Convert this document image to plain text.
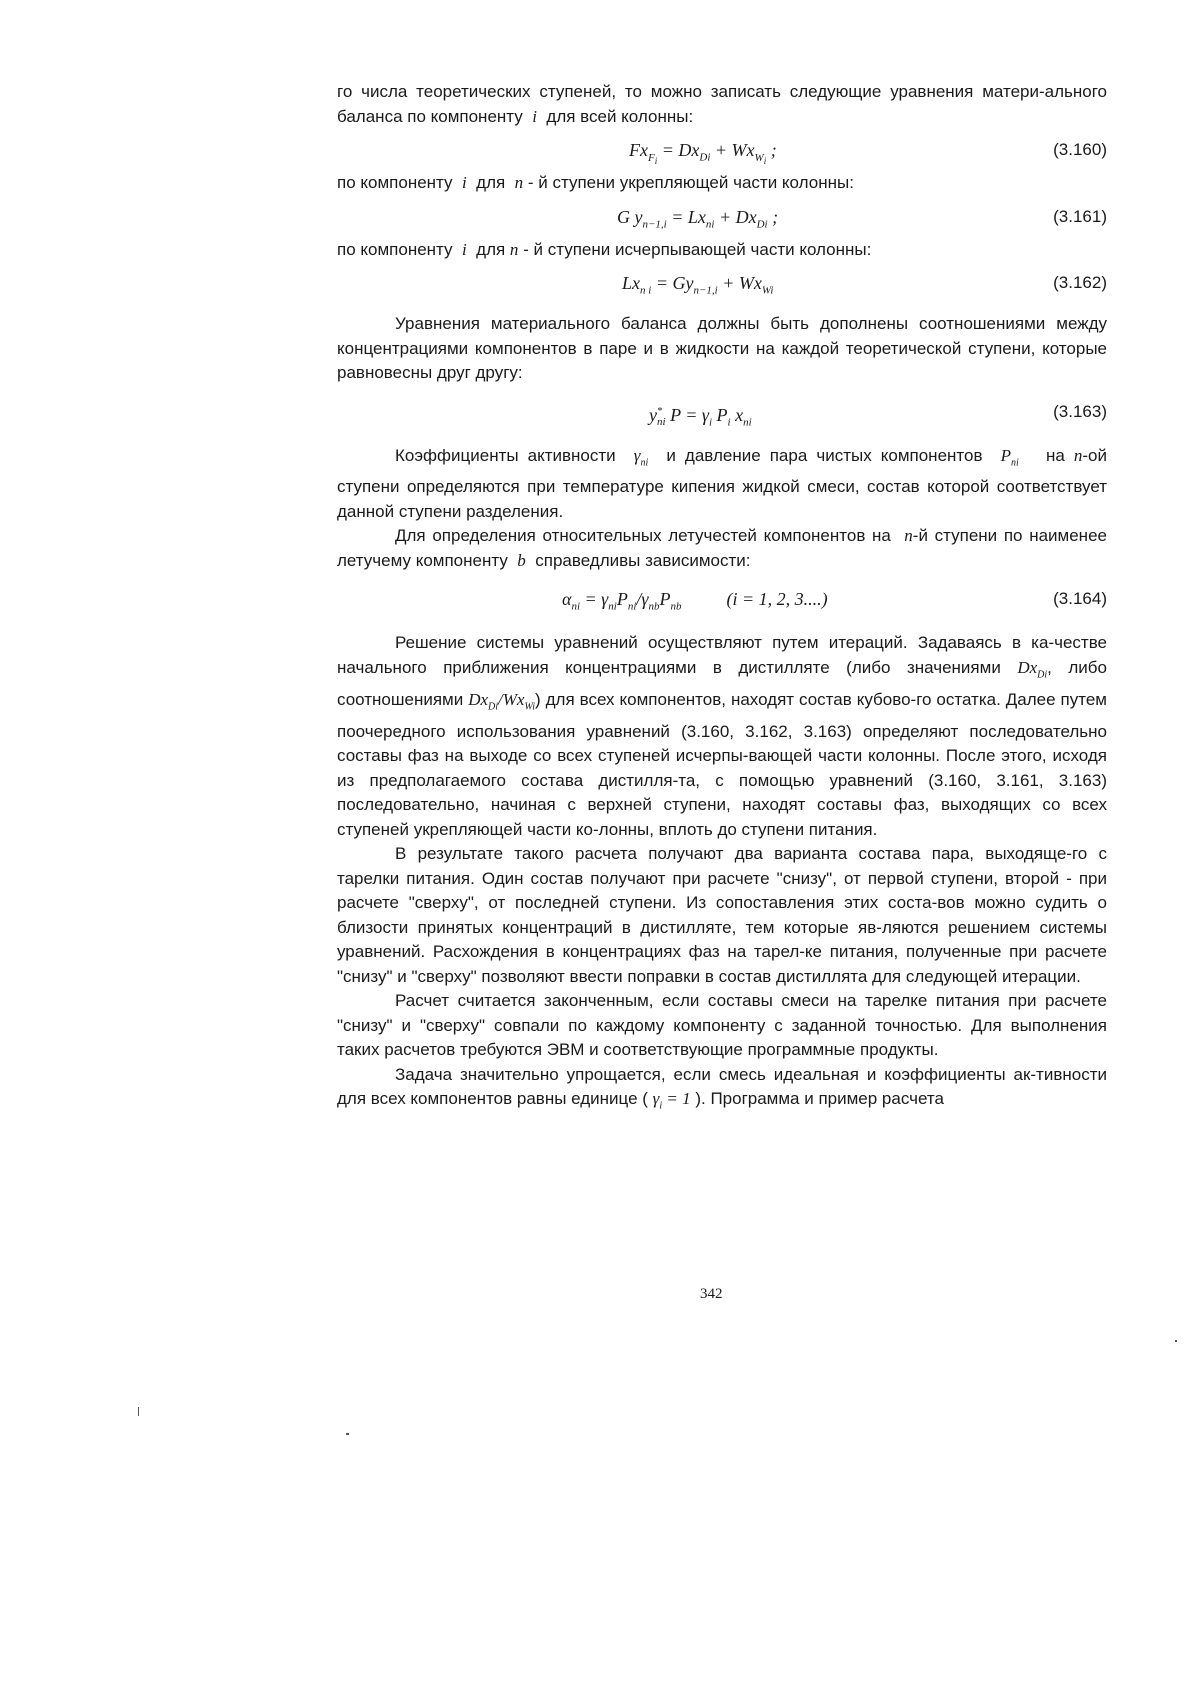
го числа теоретических ступеней, то можно записать следующие уравнения матери-ального баланса по компоненту  i  для всей колонны:

$Fx_{F_i} = Dx_{Di} + Wx_{W_i}$ ;	(3.160)

по компоненту  i  для  n - й ступени укрепляющей части колонны:

G $y_{n-1,i} = Lx_{ni} + Dx_{Di}$ ;	(3.161)

по компоненту  i  для n - й ступени исчерпывающей части колонны:

$Lx_{n i} = Gy_{n-1,i} + Wx_{Wi}$	(3.162)

Уравнения материального баланса должны быть дополнены соотношениями между концентрациями компонентов в паре и в жидкости на каждой теоретической ступени, которые равновесны друг другу:

$y^*_{ni}$ $P = \gamma_i$ $P_i$ $x_{ni}$
(3.163)

Коэффициенты активности  $\gamma_{ni}$  и давление пара чистых компонентов  $P_{ni}$   на n-ой ступени определяются при температуре кипения жидкой смеси, состав которой соответствует данной ступени разделения.

Для определения относительных летучестей компонентов на  n-й ступени по наименее летучему компоненту  b  справедливы зависимости:

$\alpha_{ni} = \gamma_{ni}P_{ni}/\gamma_{nb}P_{nb}$          (i = 1, 2, 3....)	(3.164)

Решение системы уравнений осуществляют путем итераций. Задаваясь в ка-честве начального приближения концентрациями в дистилляте (либо значениями $Dx_{Di}$, либо соотношениями $Dx_{Di}/Wx_{Wi}$) для всех компонентов, находят состав кубово-го остатка. Далее путем поочередного использования уравнений (3.160, 3.162, 3.163) определяют последовательно составы фаз на выходе со всех ступеней исчерпы-вающей части колонны. После этого, исходя из предполагаемого состава дистилля-та, с помощью уравнений (3.160, 3.161, 3.163) последовательно, начиная с верхней ступени, находят составы фаз, выходящих со всех ступеней укрепляющей части ко-лонны, вплоть до ступени питания.

В результате такого расчета получают два варианта состава пара, выходяще-го с тарелки питания. Один состав получают при расчете "снизу", от первой ступени, второй - при расчете "сверху", от последней ступени. Из сопоставления этих соста-вов можно судить о близости принятых концентраций в дистилляте, тем которые яв-ляются решением системы уравнений. Расхождения в концентрациях фаз на тарел-ке питания, полученные при расчете "снизу" и "сверху" позволяют ввести поправки в состав дистиллята для следующей итерации.

Расчет считается законченным, если составы смеси на тарелке питания при расчете "снизу" и "сверху" совпали по каждому компоненту с заданной точностью. Для выполнения таких расчетов требуются ЭВМ и соответствующие программные продукты.

Задача значительно упрощается, если смесь идеальная и коэффициенты ак-тивности для всех компонентов равны единице ( $\gamma_i = 1$ ). Программа и пример расчета

342
